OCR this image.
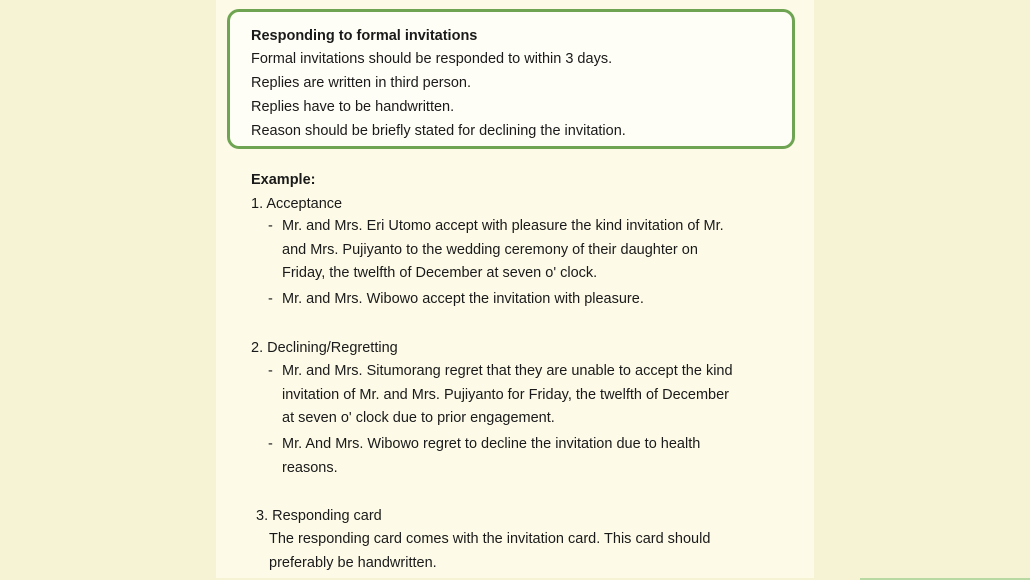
Responding to formal invitations
Formal invitations should be responded to within 3 days.
Replies are written in third person.
Replies have to be handwritten.
Reason should be briefly stated for declining the invitation.
Example:
1. Acceptance
- Mr. and Mrs. Eri Utomo accept with pleasure the kind invitation of Mr.
and Mrs. Pujiyanto to the wedding ceremony of their daughter on
Friday, the twelfth of December at seven o' clock.
- Mr. and Mrs. Wibowo accept the invitation with pleasure.
2. Declining/Regretting
- Mr. and Mrs. Situmorang regret that they are unable to accept the kind
invitation of Mr. and Mrs. Pujiyanto for Friday, the twelfth of December
at seven o' clock due to prior engagement.
- Mr. And Mrs. Wibowo regret to decline the invitation due to health
reasons.
3. Responding card
The responding card comes with the invitation card. This card should
preferably be handwritten.
